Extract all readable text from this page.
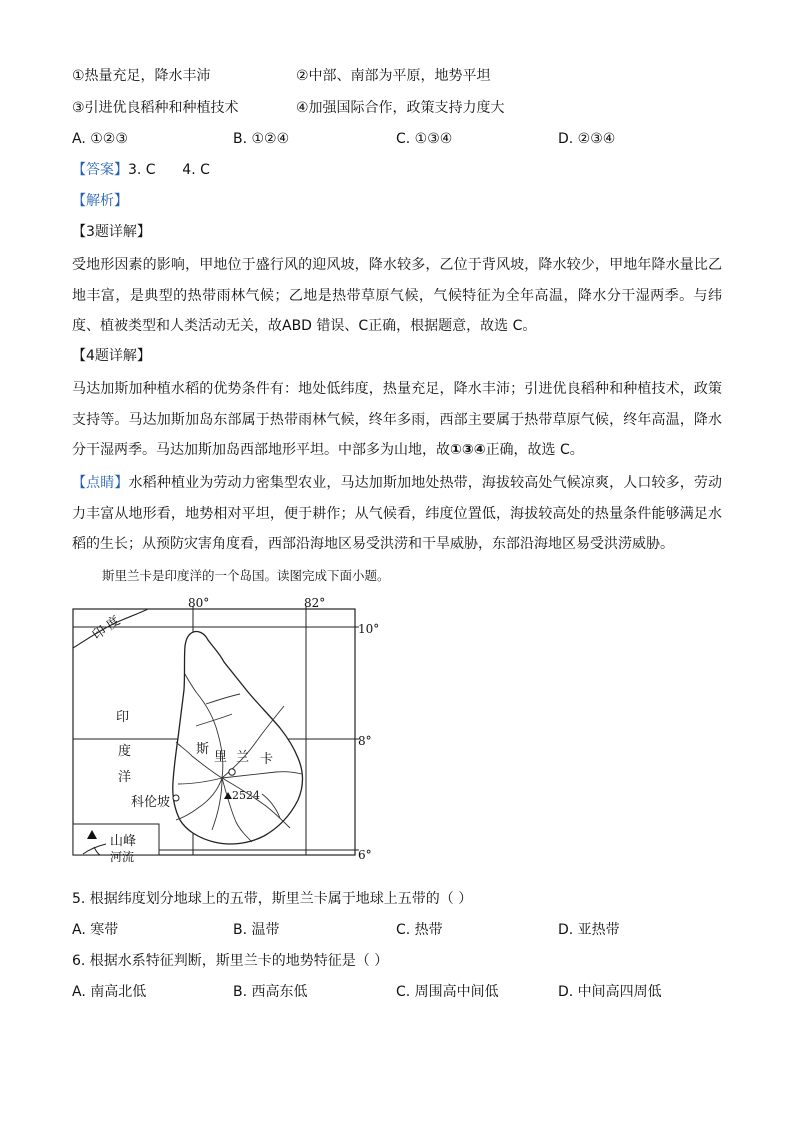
①热量充足，降水丰沛	②中部、南部为平原，地势平坦
③引进优良稻种和种植技术	④加强国际合作，政策支持力度大
A. ①②③	B. ①②④	C. ①③④	D. ②③④
【答案】 3. C      4. C
【解析】
【3题详解】

受地形因素的影响，甲地位于盛行风的迎风坡，降水较多，乙位于背风坡，降水较少，甲地年降水量比乙地丰富，是典型的热带雨林气候；乙地是热带草原气候，气候特征为全年高温，降水分干湿两季。与纬度、植被类型和人类活动无关，故ABD 错误、C正确，根据题意，故选 C。

【4题详解】

马达加斯加种植水稻的优势条件有：地处低纬度，热量充足，降水丰沛；引进优良稻种和种植技术，政策支持等。马达加斯加岛东部属于热带雨林气候，终年多雨，西部主要属于热带草原气候，终年高温，降水分干湿两季。马达加斯加岛西部地形平坦。中部多为山地，故①③④正确，故选 C。

【点睛】水稻种植业为劳动力密集型农业，马达加斯加地处热带，海拔较高处气候凉爽，人口较多，劳动力丰富从地形看，地势相对平坦，便于耕作；从气候看，纬度位置低，海拔较高处的热量条件能够满足水稻的生长；从预防灾害角度看，西部沿海地区易受洪涝和干旱威胁，东部沿海地区易受洪涝威胁。

斯里兰卡是印度洋的一个岛国。读图完成下面小题。
80°	82°
10°
8°
6°
印度
印
度
洋
斯
里 兰 卡
科伦坡	2524
山峰
河流
5. 根据纬度划分地球上的五带，斯里兰卡属于地球上五带的（ ）
A. 寒带	B. 温带	C. 热带	D. 亚热带
6. 根据水系特征判断，斯里兰卡的地势特征是（ ）
A. 南高北低	B. 西高东低	C. 周围高中间低	D. 中间高四周低
